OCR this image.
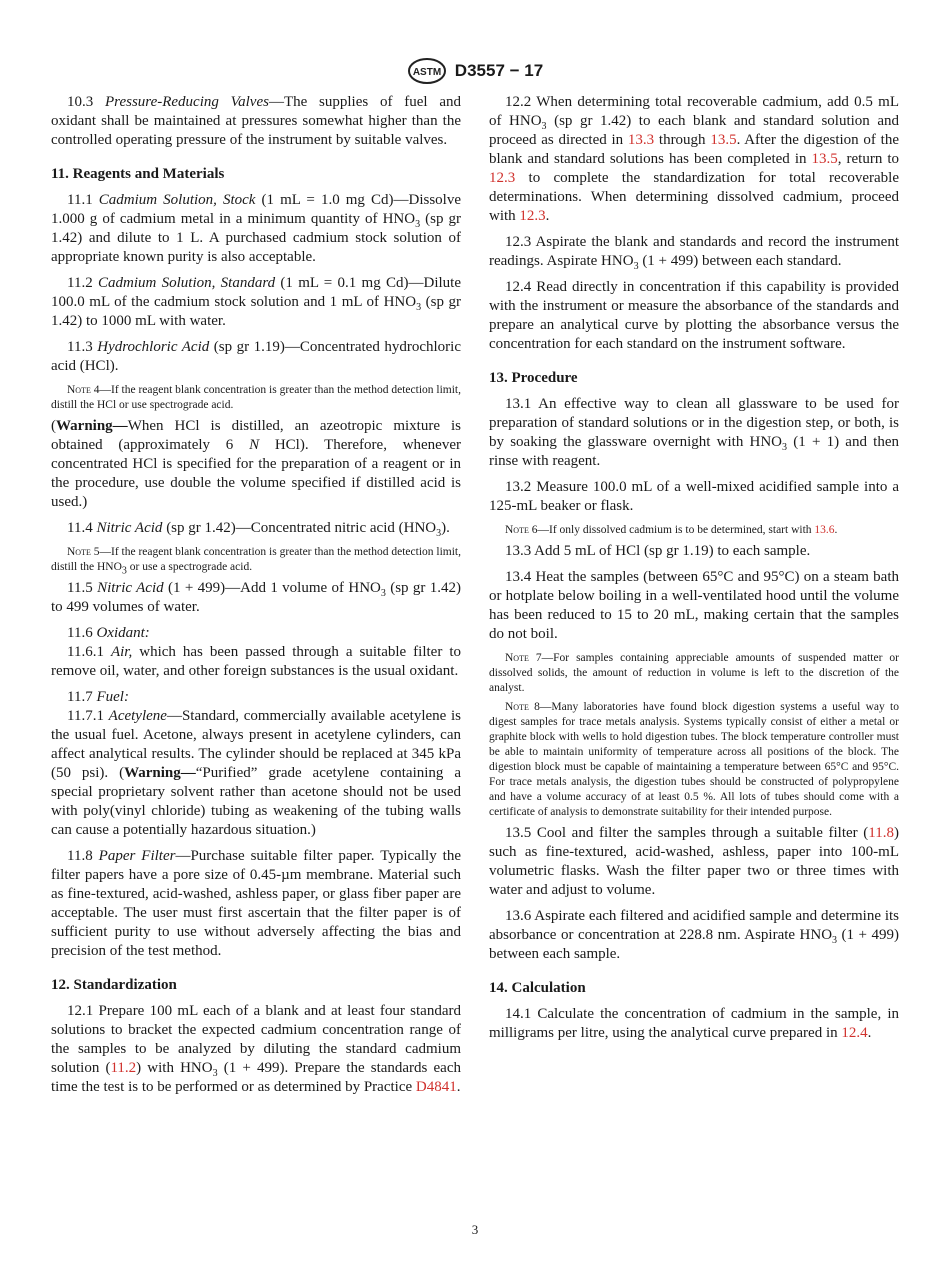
ASTM D3557 − 17

10.3 Pressure-Reducing Valves—The supplies of fuel and oxidant shall be maintained at pressures somewhat higher than the controlled operating pressure of the instrument by suitable valves.

11. Reagents and Materials

11.1 Cadmium Solution, Stock (1 mL = 1.0 mg Cd)—Dissolve 1.000 g of cadmium metal in a minimum quantity of $HNO_3$ (sp gr 1.42) and dilute to 1 L. A purchased cadmium stock solution of appropriate known purity is also acceptable.

11.2 Cadmium Solution, Standard (1 mL = 0.1 mg Cd)—Dilute 100.0 mL of the cadmium stock solution and 1 mL of $HNO_3$ (sp gr 1.42) to 1000 mL with water.

11.3 Hydrochloric Acid (sp gr 1.19)—Concentrated hydrochloric acid (HCl).

Note 4—If the reagent blank concentration is greater than the method detection limit, distill the HCl or use spectrograde acid.

(Warning—When HCl is distilled, an azeotropic mixture is obtained (approximately 6 N HCl). Therefore, whenever concentrated HCl is specified for the preparation of a reagent or in the procedure, use double the volume specified if distilled acid is used.)

11.4 Nitric Acid (sp gr 1.42)—Concentrated nitric acid $(HNO_3)$.

Note 5—If the reagent blank concentration is greater than the method detection limit, distill the $HNO_3$ or use a spectrograde acid.

11.5 Nitric Acid (1 + 499)—Add 1 volume of $HNO_3$ (sp gr 1.42) to 499 volumes of water.

11.6 Oxidant:

11.6.1 Air, which has been passed through a suitable filter to remove oil, water, and other foreign substances is the usual oxidant.

11.7 Fuel:

11.7.1 Acetylene—Standard, commercially available acetylene is the usual fuel. Acetone, always present in acetylene cylinders, can affect analytical results. The cylinder should be replaced at 345 kPa (50 psi). (Warning—“Purified” grade acetylene containing a special proprietary solvent rather than acetone should not be used with poly(vinyl chloride) tubing as weakening of the tubing walls can cause a potentially hazardous situation.)

11.8 Paper Filter—Purchase suitable filter paper. Typically the filter papers have a pore size of 0.45-µm membrane. Material such as fine-textured, acid-washed, ashless paper, or glass fiber paper are acceptable. The user must first ascertain that the filter paper is of sufficient purity to use without adversely affecting the bias and precision of the test method.

12. Standardization

12.1 Prepare 100 mL each of a blank and at least four standard solutions to bracket the expected cadmium concentration range of the samples to be analyzed by diluting the standard cadmium solution (11.2) with $HNO_3$ (1 + 499). Prepare the standards each time the test is to be performed or as determined by Practice D4841.

12.2 When determining total recoverable cadmium, add 0.5 mL of $HNO_3$ (sp gr 1.42) to each blank and standard solution and proceed as directed in 13.3 through 13.5. After the digestion of the blank and standard solutions has been completed in 13.5, return to 12.3 to complete the standardization for total recoverable determinations. When determining dissolved cadmium, proceed with 12.3.

12.3 Aspirate the blank and standards and record the instrument readings. Aspirate $HNO_3$ (1 + 499) between each standard.

12.4 Read directly in concentration if this capability is provided with the instrument or measure the absorbance of the standards and prepare an analytical curve by plotting the absorbance versus the concentration for each standard on the instrument software.

13. Procedure

13.1 An effective way to clean all glassware to be used for preparation of standard solutions or in the digestion step, or both, is by soaking the glassware overnight with $HNO_3$ (1 + 1) and then rinse with reagent.

13.2 Measure 100.0 mL of a well-mixed acidified sample into a 125-mL beaker or flask.

Note 6—If only dissolved cadmium is to be determined, start with 13.6.

13.3 Add 5 mL of HCl (sp gr 1.19) to each sample.

13.4 Heat the samples (between 65°C and 95°C) on a steam bath or hotplate below boiling in a well-ventilated hood until the volume has been reduced to 15 to 20 mL, making certain that the samples do not boil.

Note 7—For samples containing appreciable amounts of suspended matter or dissolved solids, the amount of reduction in volume is left to the discretion of the analyst.

Note 8—Many laboratories have found block digestion systems a useful way to digest samples for trace metals analysis. Systems typically consist of either a metal or graphite block with wells to hold digestion tubes. The block temperature controller must be able to maintain uniformity of temperature across all positions of the block. The digestion block must be capable of maintaining a temperature between 65°C and 95°C. For trace metals analysis, the digestion tubes should be constructed of polypropylene and have a volume accuracy of at least 0.5 %. All lots of tubes should come with a certificate of analysis to demonstrate suitability for their intended purpose.

13.5 Cool and filter the samples through a suitable filter (11.8) such as fine-textured, acid-washed, ashless, paper into 100-mL volumetric flasks. Wash the filter paper two or three times with water and adjust to volume.

13.6 Aspirate each filtered and acidified sample and determine its absorbance or concentration at 228.8 nm. Aspirate $HNO_3$ (1 + 499) between each sample.

14. Calculation

14.1 Calculate the concentration of cadmium in the sample, in milligrams per litre, using the analytical curve prepared in 12.4.

3
